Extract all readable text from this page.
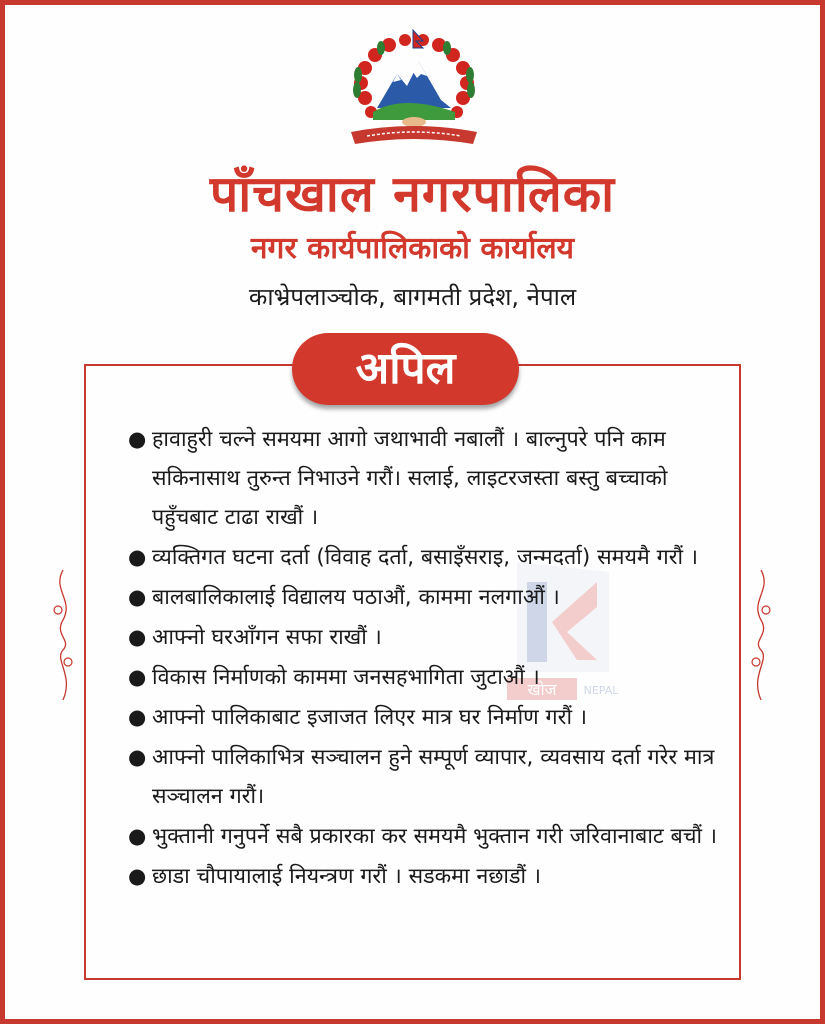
पाँचखाल नगरपालिका
नगर कार्यपालिकाको कार्यालय
काभ्रेपलाञ्चोक, बागमती प्रदेश, नेपाल
खोज NEPAL
अपिल
● हावाहुरी चल्ने समयमा आगो जथाभावी नबालौं । बाल्नुपरे पनि काम सकिनासाथ तुरुन्त निभाउने गरौं। सलाई, लाइटरजस्ता बस्तु बच्चाको पहुँचबाट टाढा राखौं ।
● व्यक्तिगत घटना दर्ता (विवाह दर्ता, बसाइँसराइ, जन्मदर्ता) समयमै गरौं ।
● बालबालिकालाई विद्यालय पठाऔं, काममा नलगाऔं ।
● आफ्नो घरआँगन सफा राखौं ।
● विकास निर्माणको काममा जनसहभागिता जुटाऔं ।
● आफ्नो पालिकाबाट इजाजत लिएर मात्र घर निर्माण गरौं ।
● आफ्नो पालिकाभित्र सञ्चालन हुने सम्पूर्ण व्यापार, व्यवसाय दर्ता गरेर मात्र सञ्चालन गरौं।
● भुक्तानी गनुपर्ने सबै प्रकारका कर समयमै भुक्तान गरी जरिवानाबाट बचौं ।
● छाडा चौपायालाई नियन्त्रण गरौं । सडकमा नछाडौं ।
